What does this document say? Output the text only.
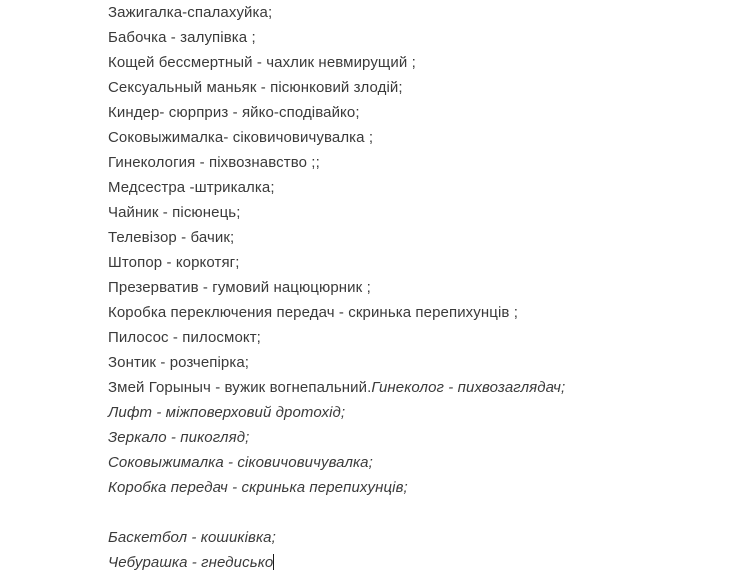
Зажигалка-спалахуйка;
Бабочка - залупівка ;
Кощей бессмертный - чахлик невмирущий ;
Сексуальный маньяк - пісюнковий злодій;
Киндер- сюрприз - яйко-сподівайко;
Соковыжималка- сіковичовичувалка ;
Гинекология - піхвознавство ;;
Медсестра -штрикалка;
Чайник - пісюнець;
Телевізор - бачик;
Штопор - коркотяг;
Презерватив - гумовий нацюцюрник ;
Коробка переключения передач - скринька перепихунців ;
Пилосос - пилосмокт;
Зонтик - розчепірка;
Змей Горыныч - вужик вогнепальний.Гинеколог - пихвозаглядач;
Лифт - міжповерховий дротохід;
Зеркало - пикогляд;
Соковыжималка - сіковичовичувалка;
Коробка передач - скринька перепихунців;

Баскетбол - кошиківка;
Чебурашка - гнедисько
